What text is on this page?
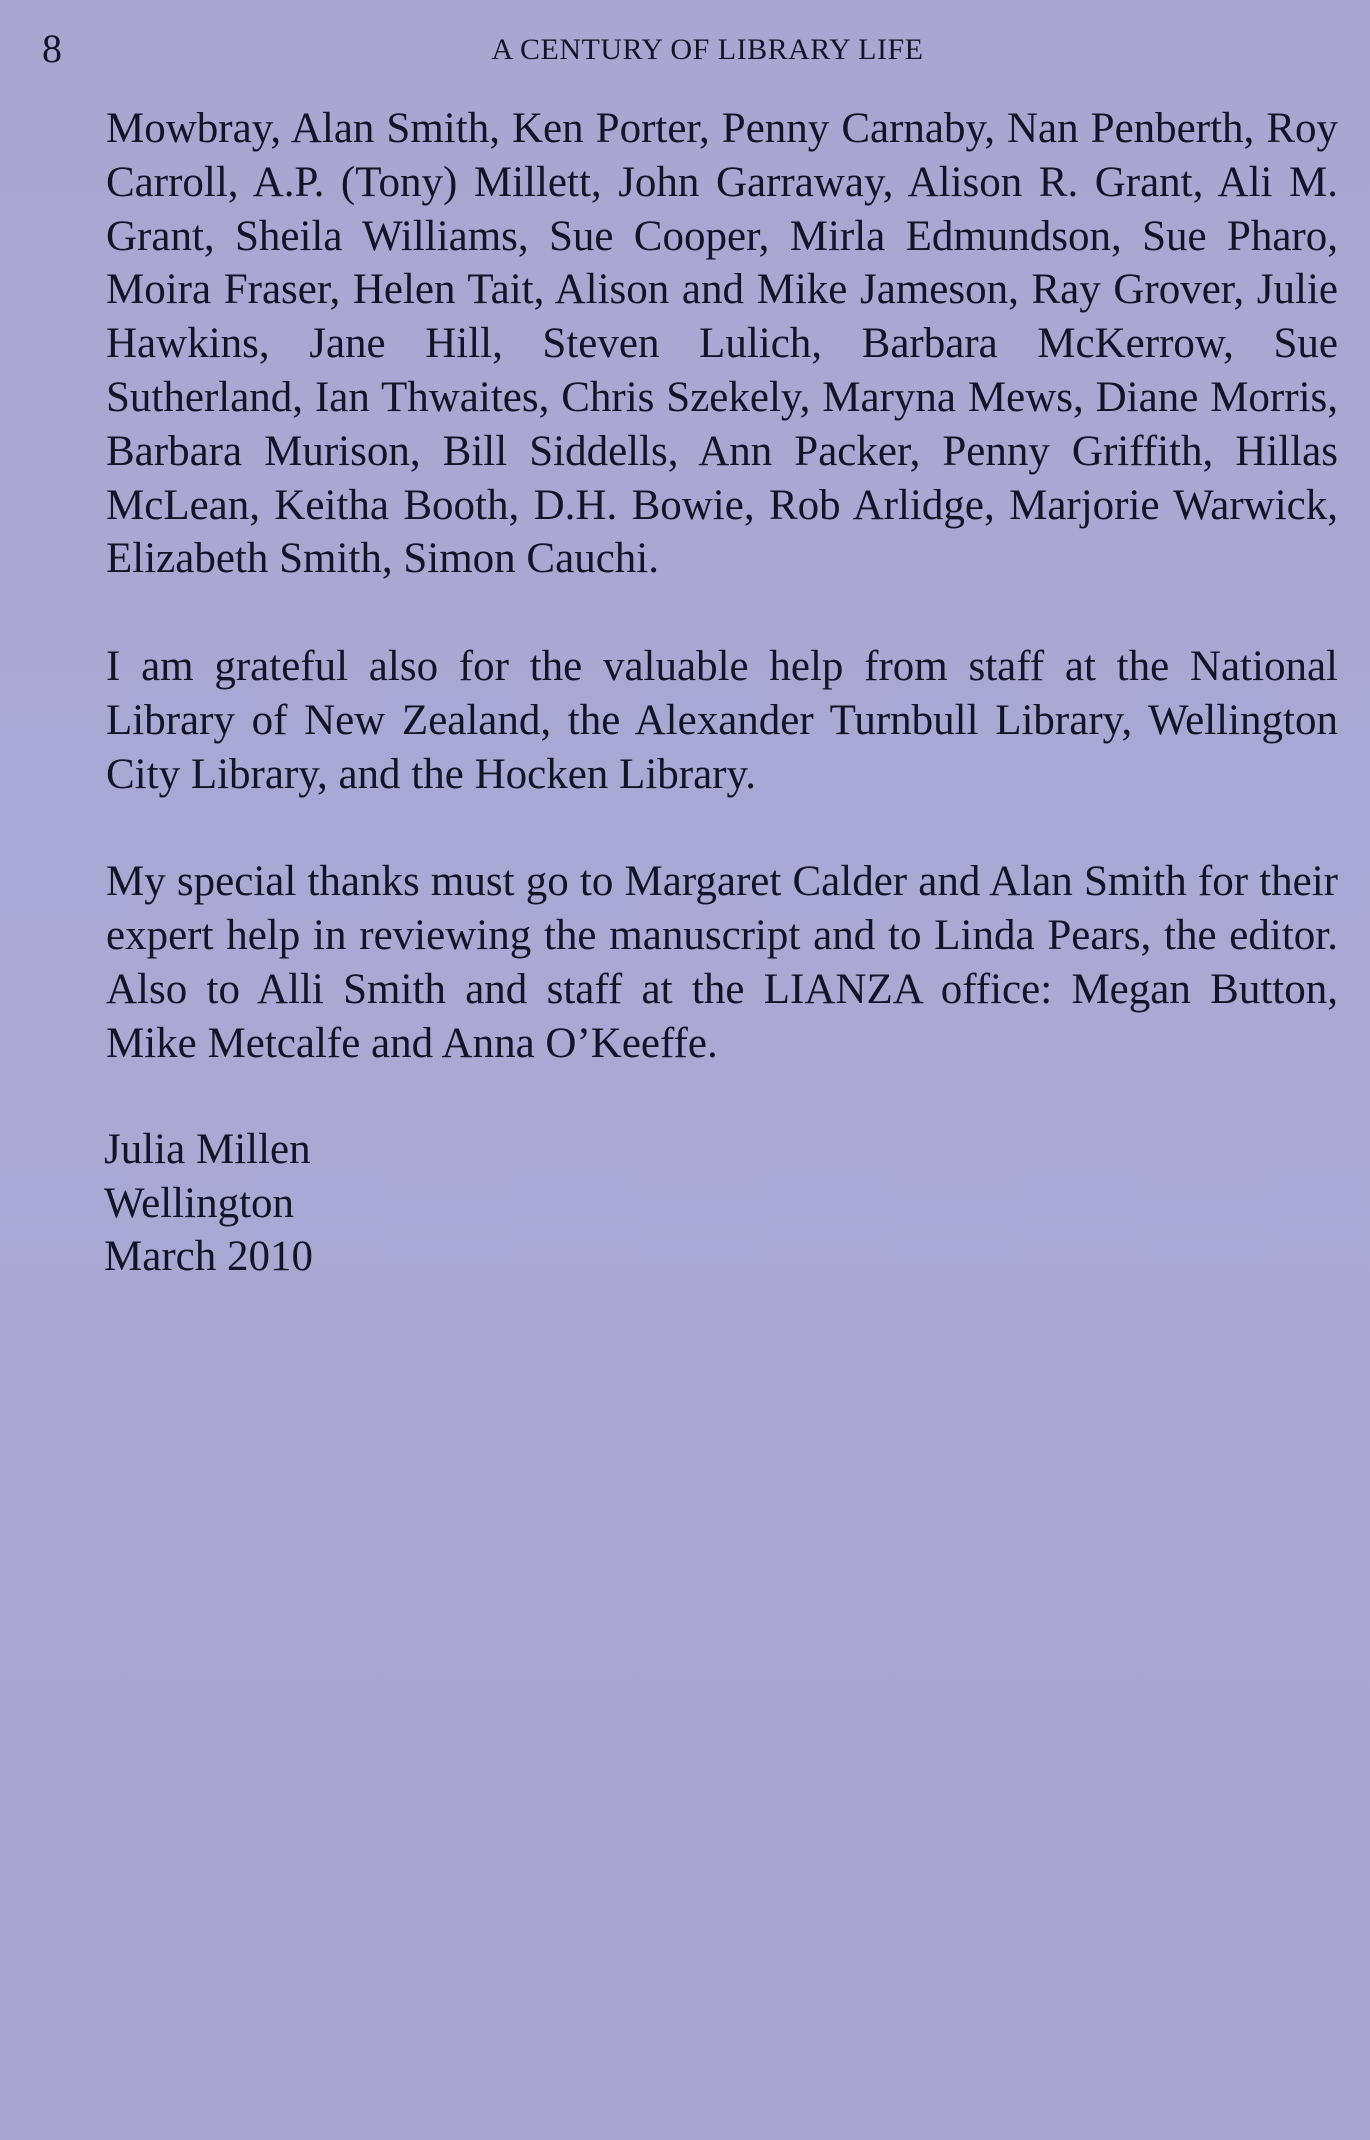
8	A CENTURY OF LIBRARY LIFE

Mowbray, Alan Smith, Ken Porter, Penny Carnaby, Nan Penberth, Roy Carroll, A.P. (Tony) Millett, John Garraway, Alison R. Grant, Ali M. Grant, Sheila Williams, Sue Cooper, Mirla Edmundson, Sue Pharo, Moira Fraser, Helen Tait, Alison and Mike Jameson, Ray Grover, Julie Hawkins, Jane Hill, Steven Lulich, Barbara McKerrow, Sue Sutherland, Ian Thwaites, Chris Szekely, Maryna Mews, Diane Morris, Barbara Murison, Bill Siddells, Ann Packer, Penny Griffith, Hillas McLean, Keitha Booth, D.H. Bowie, Rob Arlidge, Marjorie Warwick, Elizabeth Smith, Simon Cauchi.

I am grateful also for the valuable help from staff at the National Library of New Zealand, the Alexander Turnbull Library, Wellington City Library, and the Hocken Library.

My special thanks must go to Margaret Calder and Alan Smith for their expert help in reviewing the manuscript and to Linda Pears, the editor. Also to Alli Smith and staff at the LIANZA office: Megan Button, Mike Metcalfe and Anna O’Keeffe.

Julia Millen
Wellington
March 2010
